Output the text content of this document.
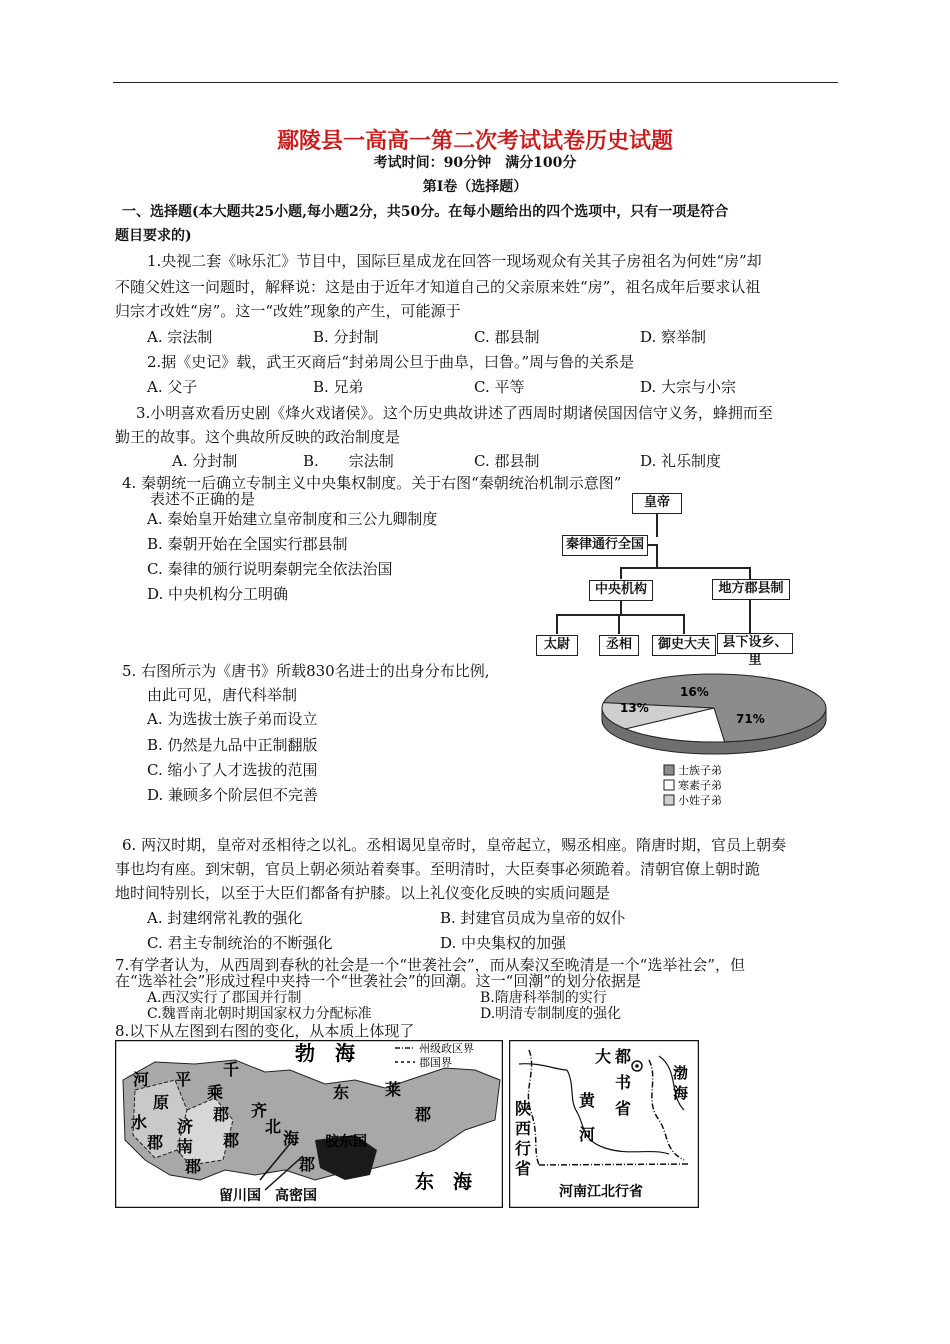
鄢陵县一高高一第二次考试试卷历史试题
考试时间：90分钟　满分100分
第Ⅰ卷（选择题）
一、选择题(本大题共25小题,每小题2分，共50分。在每小题给出的四个选项中，只有一项是符合
题目要求的)
1.央视二套《咏乐汇》节目中，国际巨星成龙在回答一现场观众有关其子房祖名为何姓“房”却
不随父姓这一问题时，解释说：这是由于近年才知道自己的父亲原来姓“房”，祖名成年后要求认祖
归宗才改姓“房”。这一“改姓”现象的产生，可能源于
A. 宗法制	B. 分封制	C. 郡县制	D. 察举制
2.据《史记》载，武王灭商后“封弟周公旦于曲阜，曰鲁。”周与鲁的关系是
A. 父子	B. 兄弟	C. 平等	D. 大宗与小宗
3.小明喜欢看历史剧《烽火戏诸侯》。这个历史典故讲述了西周时期诸侯国因信守义务，蜂拥而至
勤王的故事。这个典故所反映的政治制度是
A. 分封制	B.　　宗法制	C. 郡县制	D. 礼乐制度
4. 秦朝统一后确立专制主义中央集权制度。关于右图“秦朝统治机制示意图”
表述不正确的是
A. 秦始皇开始建立皇帝制度和三公九卿制度
B. 秦朝开始在全国实行郡县制
C. 秦律的颁行说明秦朝完全依法治国
D. 中央机构分工明确
皇帝
秦律通行全国
中央机构	地方郡县制
太尉	丞相	御史大夫 县下设乡、里
5. 右图所示为《唐书》所载830名进士的出身分布比例,
由此可见，唐代科举制
A. 为选拔士族子弟而设立
B. 仍然是九品中正制翻版
C. 缩小了人才选拔的范围
D. 兼顾多个阶层但不完善
71%
16%
13%
士族子弟
寒素子弟
小姓子弟
6. 两汉时期，皇帝对丞相待之以礼。丞相谒见皇帝时，皇帝起立，赐丞相座。隋唐时期，官员上朝奏
事也均有座。到宋朝，官员上朝必须站着奏事。至明清时，大臣奏事必须跪着。清朝官僚上朝时跪
地时间特别长，以至于大臣们都备有护膝。以上礼仪变化反映的实质问题是
A. 封建纲常礼教的强化	B. 封建官员成为皇帝的奴仆
C. 君主专制统治的不断强化	D. 中央集权的加强
7.有学者认为，从西周到春秋的社会是一个“世袭社会”，而从秦汉至晚清是一个“选举社会”，但
在“选举社会”形成过程中夹持一个“世袭社会”的回潮。这一“回潮”的划分依据是
A.西汉实行了郡国并行制	B.隋唐科举制的实行
C.魏晋南北朝时期国家权力分配标准	D.明清专制制度的强化
8.以下从左图到右图的变化，从本质上体现了
州级政区界
郡国界
勃　海
东　海
平
河
原
水
郡
千
乘
郡
济
南
郡
齐
郡
北
海
郡
胶东国
东 莱
郡
留川国 高密国
大 都
书
省
黄
河
渤
海
陕
西
行
省
河南江北行省
